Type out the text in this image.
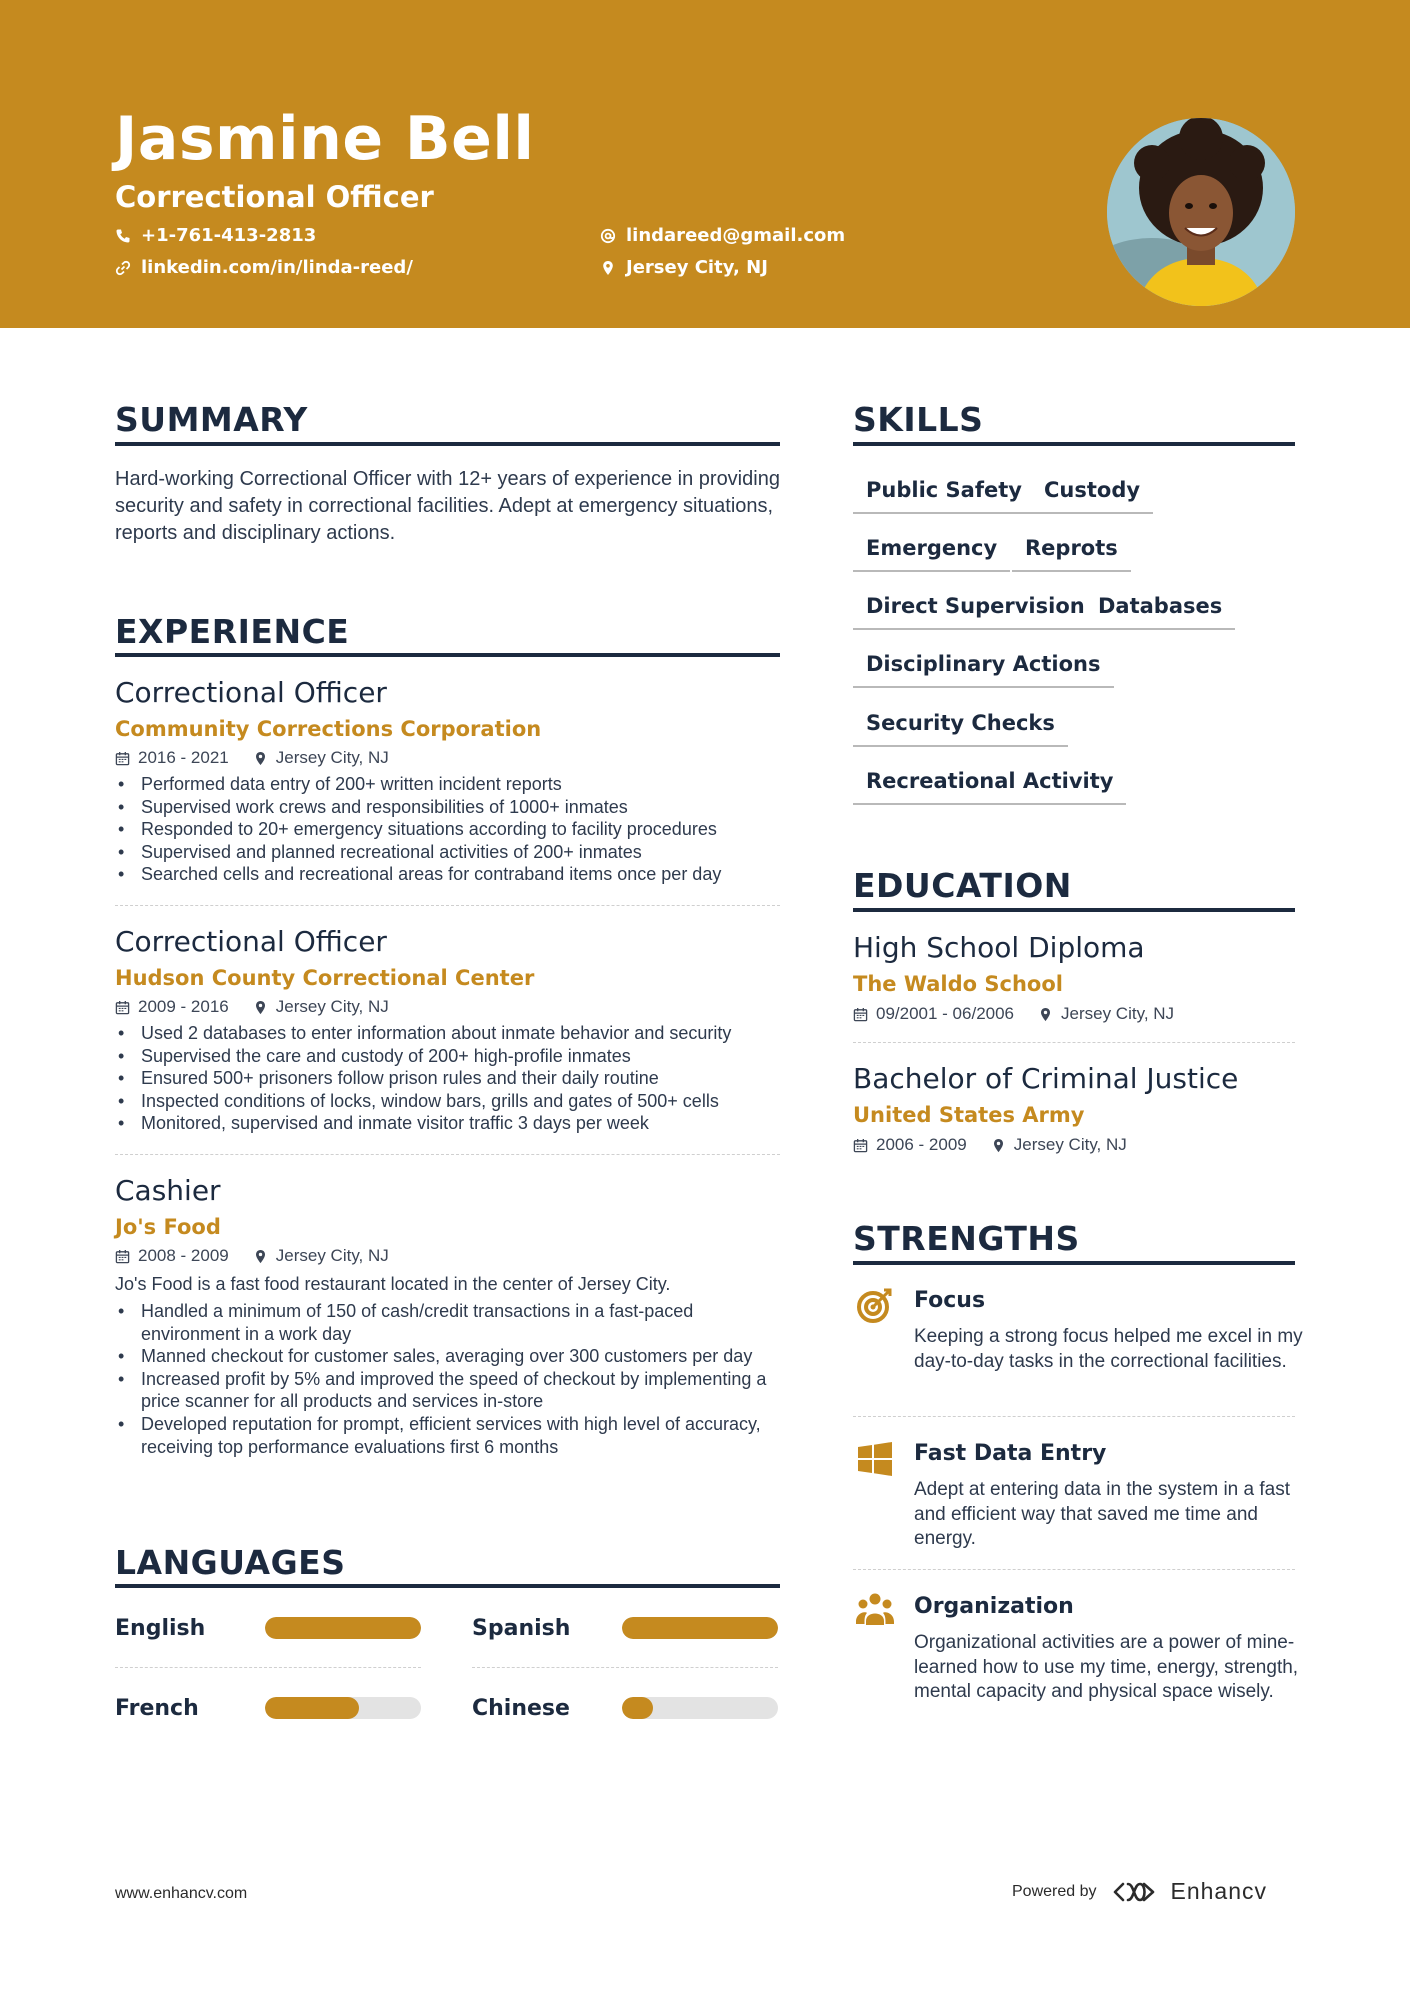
Jasmine Bell
Correctional Officer
+1-761-413-2813	lindareed@gmail.com
linkedin.com/in/linda-reed/	Jersey City, NJ
SUMMARY
Hard-working Correctional Officer with 12+ years of experience in providing security and safety in correctional facilities. Adept at emergency situations, reports and disciplinary actions.
EXPERIENCE
Correctional Officer
Community Corrections Corporation
2016 - 2021	Jersey City, NJ
• Performed data entry of 200+ written incident reports
• Supervised work crews and responsibilities of 1000+ inmates
• Responded to 20+ emergency situations according to facility procedures
• Supervised and planned recreational activities of 200+ inmates
• Searched cells and recreational areas for contraband items once per day
Correctional Officer
Hudson County Correctional Center
2009 - 2016	Jersey City, NJ
• Used 2 databases to enter information about inmate behavior and security
• Supervised the care and custody of 200+ high-profile inmates
• Ensured 500+ prisoners follow prison rules and their daily routine
• Inspected conditions of locks, window bars, grills and gates of 500+ cells
• Monitored, supervised and inmate visitor traffic 3 days per week
Cashier
Jo's Food
2008 - 2009	Jersey City, NJ
Jo's Food is a fast food restaurant located in the center of Jersey City.
• Handled a minimum of 150 of cash/credit transactions in a fast-paced environment in a work day
• Manned checkout for customer sales, averaging over 300 customers per day
• Increased profit by 5% and improved the speed of checkout by implementing a price scanner for all products and services in-store
• Developed reputation for prompt, efficient services with high level of accuracy, receiving top performance evaluations first 6 months
LANGUAGES
English	Spanish
French	Chinese
SKILLS
Public Safety	Custody
Emergency	Reprots
Direct Supervision Databases
Disciplinary Actions
Security Checks
Recreational Activity
EDUCATION
High School Diploma
The Waldo School
09/2001 - 06/2006	Jersey City, NJ
Bachelor of Criminal Justice
United States Army
2006 - 2009	Jersey City, NJ
STRENGTHS
Focus
Keeping a strong focus helped me excel in my day-to-day tasks in the correctional facilities.
Fast Data Entry
Adept at entering data in the system in a fast and efficient way that saved me time and energy.
Organization
Organizational activities are a power of mine-learned how to use my time, energy, strength, mental capacity and physical space wisely.
www.enhancv.com	Powered by	Enhancv
